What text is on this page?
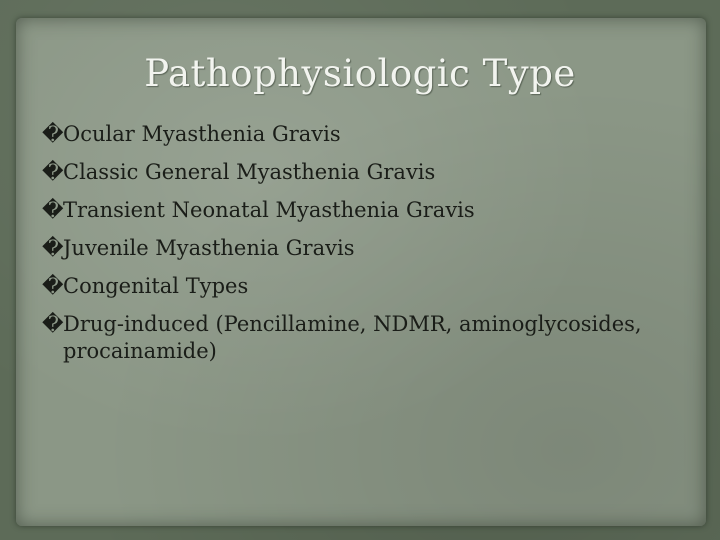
Pathophysiologic Type
� Ocular Myasthenia Gravis
� Classic General Myasthenia Gravis
� Transient Neonatal Myasthenia Gravis
� Juvenile Myasthenia Gravis
� Congenital Types
� Drug-induced (Pencillamine, NDMR, aminoglycosides, procainamide)
